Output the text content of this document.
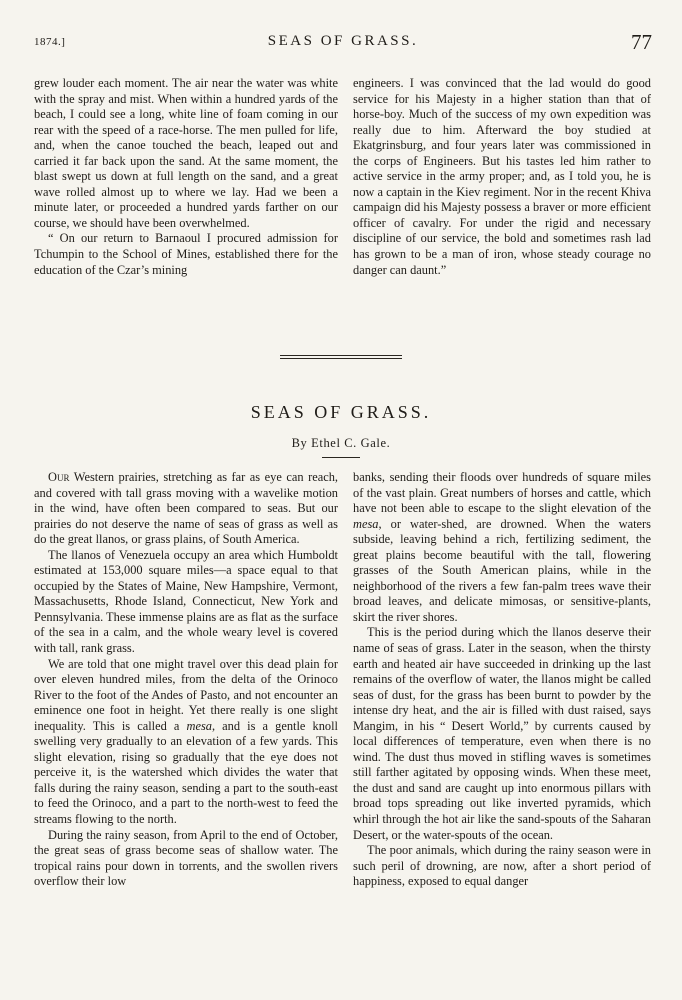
1874.]	SEAS OF GRASS.	77

grew louder each moment. The air near the water was white with the spray and mist. When within a hundred yards of the beach, I could see a long, white line of foam coming in our rear with the speed of a race-horse. The men pulled for life, and, when the canoe touched the beach, leaped out and carried it far back upon the sand. At the same moment, the blast swept us down at full length on the sand, and a great wave rolled almost up to where we lay. Had we been a minute later, or proceeded a hundred yards farther on our course, we should have been overwhelmed.

“ On our return to Barnaoul I procured admission for Tchumpin to the School of Mines, established there for the education of the Czar’s mining

engineers. I was convinced that the lad would do good service for his Majesty in a higher station than that of horse-boy. Much of the success of my own expedition was really due to him. Afterward the boy studied at Ekatgrinsburg, and four years later was commissioned in the corps of Engineers. But his tastes led him rather to active service in the army proper; and, as I told you, he is now a captain in the Kiev regiment. Nor in the recent Khiva campaign did his Majesty possess a braver or more efficient officer of cavalry. For under the rigid and necessary discipline of our service, the bold and sometimes rash lad has grown to be a man of iron, whose steady courage no danger can daunt.”

SEAS OF GRASS.
By Ethel C. Gale.

Our Western prairies, stretching as far as eye can reach, and covered with tall grass moving with a wavelike motion in the wind, have often been compared to seas. But our prairies do not deserve the name of seas of grass as well as do the great llanos, or grass plains, of South America.

The llanos of Venezuela occupy an area which Humboldt estimated at 153,000 square miles—a space equal to that occupied by the States of Maine, New Hampshire, Vermont, Massachusetts, Rhode Island, Connecticut, New York and Pennsylvania. These immense plains are as flat as the surface of the sea in a calm, and the whole weary level is covered with tall, rank grass.

We are told that one might travel over this dead plain for over eleven hundred miles, from the delta of the Orinoco River to the foot of the Andes of Pasto, and not encounter an eminence one foot in height. Yet there really is one slight inequality. This is called a mesa, and is a gentle knoll swelling very gradually to an elevation of a few yards. This slight elevation, rising so gradually that the eye does not perceive it, is the watershed which divides the water that falls during the rainy season, sending a part to the south-east to feed the Orinoco, and a part to the north-west to feed the streams flowing to the north.

During the rainy season, from April to the end of October, the great seas of grass become seas of shallow water. The tropical rains pour down in torrents, and the swollen rivers overflow their low

banks, sending their floods over hundreds of square miles of the vast plain. Great numbers of horses and cattle, which have not been able to escape to the slight elevation of the mesa, or water-shed, are drowned. When the waters subside, leaving behind a rich, fertilizing sediment, the great plains become beautiful with the tall, flowering grasses of the South American plains, while in the neighborhood of the rivers a few fan-palm trees wave their broad leaves, and delicate mimosas, or sensitive-plants, skirt the river shores.

This is the period during which the llanos deserve their name of seas of grass. Later in the season, when the thirsty earth and heated air have succeeded in drinking up the last remains of the overflow of water, the llanos might be called seas of dust, for the grass has been burnt to powder by the intense dry heat, and the air is filled with dust raised, says Mangim, in his “ Desert World,” by currents caused by local differences of temperature, even when there is no wind. The dust thus moved in stifling waves is sometimes still farther agitated by opposing winds. When these meet, the dust and sand are caught up into enormous pillars with broad tops spreading out like inverted pyramids, which whirl through the hot air like the sand-spouts of the Saharan Desert, or the water-spouts of the ocean.

The poor animals, which during the rainy season were in such peril of drowning, are now, after a short period of happiness, exposed to equal danger
